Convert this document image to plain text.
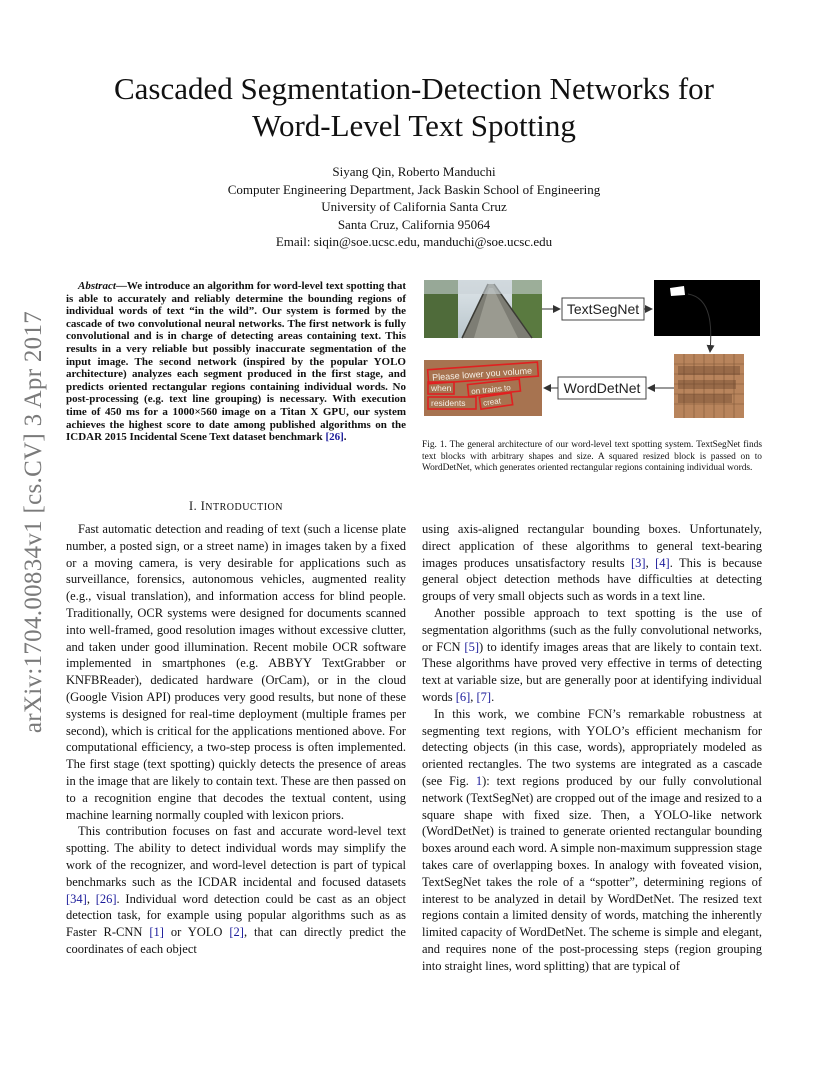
arXiv:1704.00834v1 [cs.CV] 3 Apr 2017
Cascaded Segmentation-Detection Networks for
Word-Level Text Spotting
Siyang Qin, Roberto Manduchi
Computer Engineering Department, Jack Baskin School of Engineering
University of California Santa Cruz
Santa Cruz, California 95064
Email: siqin@soe.ucsc.edu, manduchi@soe.ucsc.edu
Abstract—We introduce an algorithm for word-level text spotting that is able to accurately and reliably determine the bounding regions of individual words of text “in the wild”. Our system is formed by the cascade of two convolutional neural networks. The first network is fully convolutional and is in charge of detecting areas containing text. This results in a very reliable but possibly inaccurate segmentation of the input image. The second network (inspired by the popular YOLO architecture) analyzes each segment produced in the first stage, and predicts oriented rectangular regions containing individual words. No post-processing (e.g. text line grouping) is necessary. With execution time of 450 ms for a 1000×560 image on a Titan X GPU, our system achieves the highest score to date among published algorithms on the ICDAR 2015 Incidental Scene Text dataset benchmark [26].
I. INTRODUCTION
Please lower you volume
when on trains to
residents creat
TextSegNet
WordDetNet
Fig. 1. The general architecture of our word-level text spotting system. TextSegNet finds text blocks with arbitrary shapes and size. A squared resized block is passed on to WordDetNet, which generates oriented rectangular regions containing individual words.

Fast automatic detection and reading of text (such a license plate number, a posted sign, or a street name) in images taken by a fixed or a moving camera, is very desirable for applications such as surveillance, forensics, autonomous vehicles, augmented reality (e.g., visual translation), and information access for blind people. Traditionally, OCR systems were designed for documents scanned into well-framed, good resolution images without excessive clutter, and taken under good illumination. Recent mobile OCR software implemented in smartphones (e.g. ABBYY TextGrabber or KNFBReader), dedicated hardware (OrCam), or in the cloud (Google Vision API) produces very good results, but none of these systems is designed for real-time deployment (multiple frames per second), which is critical for the applications mentioned above. For computational efficiency, a two-step process is often implemented. The first stage (text spotting) quickly detects the presence of areas in the image that are likely to contain text. These are then passed on to a recognition engine that decodes the textual content, using machine learning normally coupled with lexicon priors.

This contribution focuses on fast and accurate word-level text spotting. The ability to detect individual words may simplify the work of the recognizer, and word-level detection is part of typical benchmarks such as the ICDAR incidental and focused datasets [34], [26]. Individual word detection could be cast as an object detection task, for example using popular algorithms such as as Faster R-CNN [1] or YOLO [2], that can directly predict the coordinates of each object

using axis-aligned rectangular bounding boxes. Unfortunately, direct application of these algorithms to general text-bearing images produces unsatisfactory results [3], [4]. This is because general object detection methods have difficulties at detecting groups of very small objects such as words in a text line.

Another possible approach to text spotting is the use of segmentation algorithms (such as the fully convolutional networks, or FCN [5]) to identify images areas that are likely to contain text. These algorithms have proved very effective in terms of detecting text at variable size, but are generally poor at identifying individual words [6], [7].

In this work, we combine FCN’s remarkable robustness at segmenting text regions, with YOLO’s efficient mechanism for detecting objects (in this case, words), appropriately modeled as oriented rectangles. The two systems are integrated as a cascade (see Fig. 1): text regions produced by our fully convolutional network (TextSegNet) are cropped out of the image and resized to a square shape with fixed size. Then, a YOLO-like network (WordDetNet) is trained to generate oriented rectangular bounding boxes around each word. A simple non-maximum suppression stage takes care of overlapping boxes. In analogy with foveated vision, TextSegNet takes the role of a “spotter”, determining regions of interest to be analyzed in detail by WordDetNet. The resized text regions contain a limited density of words, matching the inherently limited capacity of WordDetNet. The scheme is simple and elegant, and requires none of the post-processing steps (region grouping into straight lines, word splitting) that are typical of
